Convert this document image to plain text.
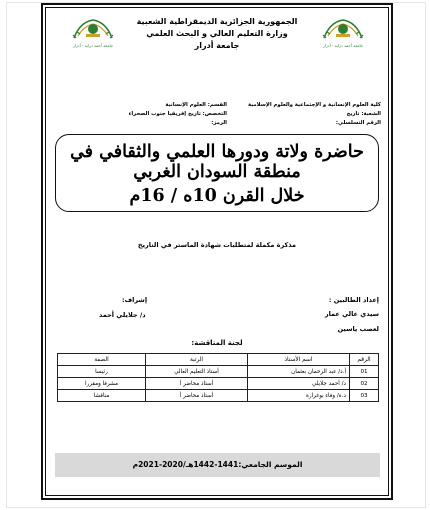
جامعة أحمد دراية - أدرار
جامعة أحمد دراية - أدرار
الجمهورية الجزائرية الديمقراطية الشعبية
وزارة التعليم العالي و البحث العلمي
جامعة أدرار
كلية العلوم الإنسانية و الإجتماعية والعلوم الإسلامية
الشعبة: تاريخ
الرقم التسلسلي:
القسم: العلوم الإنسانية
التخصص: تاريخ إفريقيا جنوب الصحراء
الرمز:
حاضرة ولاتة ودورها العلمي والثقافي في منطقة السودان الغربي
خلال القرن 10ه / 16م
مذكرة مكملة لمتطلبات شهادة الماستر في التاريخ
إعداد الطالبين :
سيدي عالي عمار
لعصب ياسين
إشراف:
د/ جلايلي أحمد
لجنة المناقشة:
الرقم	اسم الأستاذ	الرتبة	الصفة
01	أ.د/ عبد الرحمان بعثمان	أستاذ التعليم العالي	رئيسا
02	د/ أحمد جلايلي	أستاذ محاضر أ	مشرفا ومقررا
03	د.ة/ وفاء بوغرارة	أستاذ محاضر أ	مناقشا
الموسم الجامعي:1441-1442هـ/2020-2021م
